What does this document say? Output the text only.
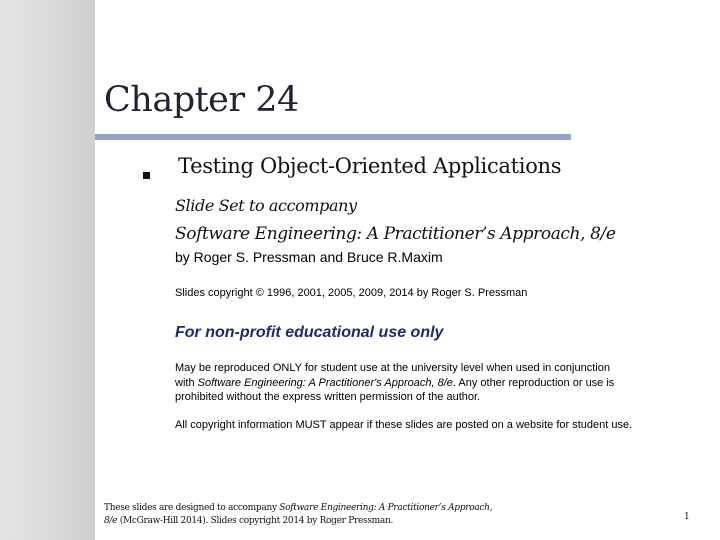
Chapter 24
Testing Object-Oriented Applications
Slide Set to accompany
Software Engineering: A Practitioner’s Approach, 8/e
by Roger S. Pressman and Bruce R.Maxim
Slides copyright © 1996, 2001, 2005, 2009, 2014 by Roger S. Pressman
For non-profit educational use only
May be reproduced ONLY for student use at the university level when used in conjunction
with Software Engineering: A Practitioner's Approach, 8/e. Any other reproduction or use is
prohibited without the express written permission of the author.
All copyright information MUST appear if these slides are posted on a website for student use.
These slides are designed to accompany Software Engineering: A Practitioner’s Approach,
8/e (McGraw-Hill 2014). Slides copyright 2014 by Roger Pressman.	1
